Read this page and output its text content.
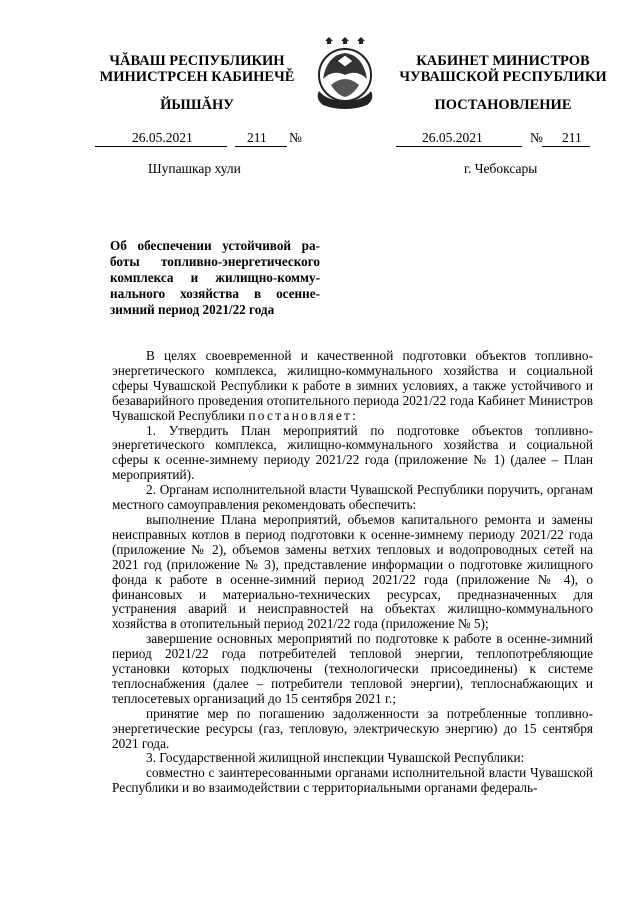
ЧĂВАШ РЕСПУБЛИКИН
МИНИСТРСЕН КАБИНЕЧĚ
ЙЫШĂНУ
КАБИНЕТ МИНИСТРОВ
ЧУВАШСКОЙ РЕСПУБЛИКИ
ПОСТАНОВЛЕНИЕ
26.05.2021	211 №	26.05.2021	№ 211
Шупашкар хули	г. Чебоксары
Об обеспечении устойчивой ра-
боты топливно-энергетического
комплекса и жилищно-комму-
нального хозяйства в осенне-
зимний период 2021/22 года

В целях своевременной и качественной подготовки объектов топливно-энергетического комплекса, жилищно-коммунального хозяйства и социальной сферы Чувашской Республики к работе в зимних условиях, а также устойчивого и безаварийного проведения отопительного периода 2021/22 года Кабинет Министров Чувашской Республики постановляет:

1. Утвердить План мероприятий по подготовке объектов топливно-энергетического комплекса, жилищно-коммунального хозяйства и социальной сферы к осенне-зимнему периоду 2021/22 года (приложение № 1) (далее – План мероприятий).

2. Органам исполнительной власти Чувашской Республики поручить, органам местного самоуправления рекомендовать обеспечить:

выполнение Плана мероприятий, объемов капитального ремонта и замены неисправных котлов в период подготовки к осенне-зимнему периоду 2021/22 года (приложение № 2), объемов замены ветхих тепловых и водопроводных сетей на 2021 год (приложение № 3), представление информации о подготовке жилищного фонда к работе в осенне-зимний период 2021/22 года (приложение № 4), о финансовых и материально-технических ресурсах, предназначенных для устранения аварий и неисправностей на объектах жилищно-коммунального хозяйства в отопительный период 2021/22 года (приложение № 5);

завершение основных мероприятий по подготовке к работе в осенне-зимний период 2021/22 года потребителей тепловой энергии, теплопотребляющие установки которых подключены (технологически присоединены) к системе теплоснабжения (далее – потребители тепловой энергии), теплоснабжающих и теплосетевых организаций до 15 сентября 2021 г.;

принятие мер по погашению задолженности за потребленные топливно-энергетические ресурсы (газ, тепловую, электрическую энергию) до 15 сентября 2021 года.

3. Государственной жилищной инспекции Чувашской Республики:

совместно с заинтересованными органами исполнительной власти Чувашской Республики и во взаимодействии с территориальными органами федераль-
